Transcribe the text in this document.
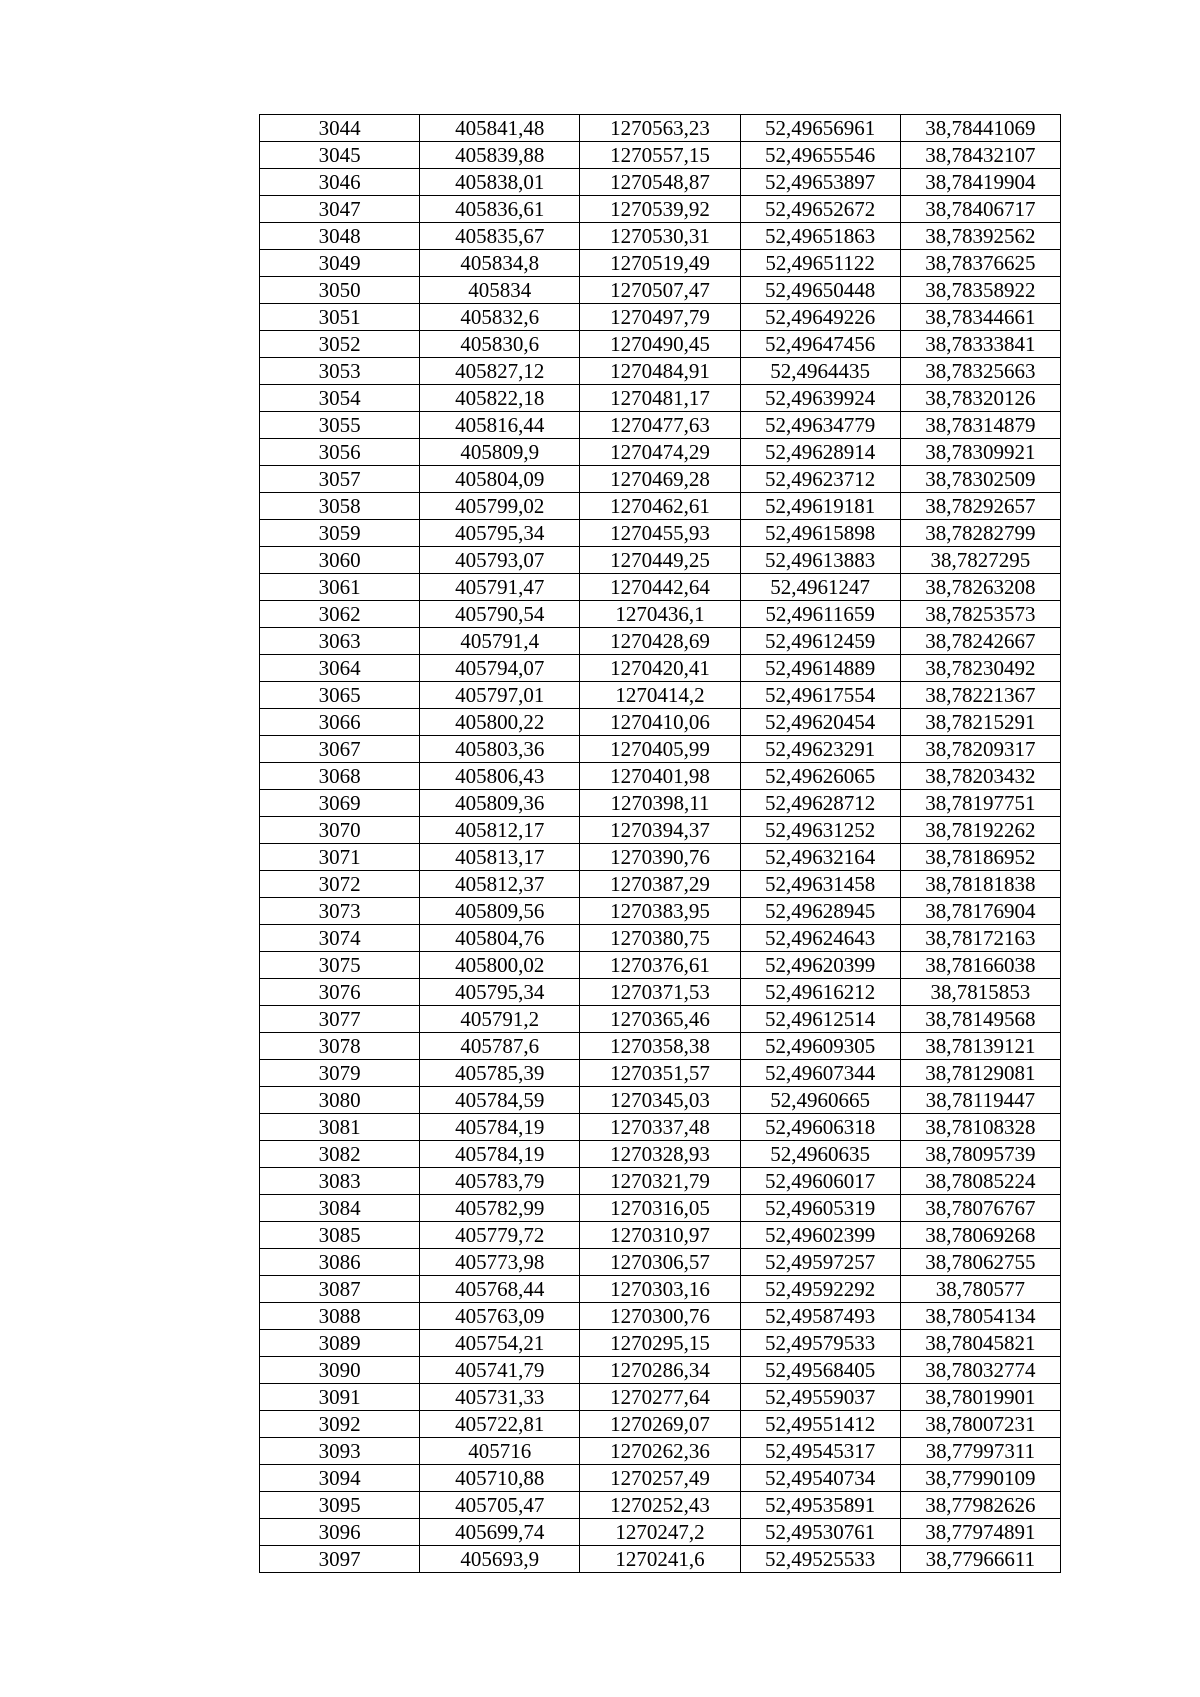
3044	405841,48	1270563,23	52,49656961	38,78441069
3045	405839,88	1270557,15	52,49655546	38,78432107
3046	405838,01	1270548,87	52,49653897	38,78419904
3047	405836,61	1270539,92	52,49652672	38,78406717
3048	405835,67	1270530,31	52,49651863	38,78392562
3049	405834,8	1270519,49	52,49651122	38,78376625
3050	405834	1270507,47	52,49650448	38,78358922
3051	405832,6	1270497,79	52,49649226	38,78344661
3052	405830,6	1270490,45	52,49647456	38,78333841
3053	405827,12	1270484,91	52,4964435	38,78325663
3054	405822,18	1270481,17	52,49639924	38,78320126
3055	405816,44	1270477,63	52,49634779	38,78314879
3056	405809,9	1270474,29	52,49628914	38,78309921
3057	405804,09	1270469,28	52,49623712	38,78302509
3058	405799,02	1270462,61	52,49619181	38,78292657
3059	405795,34	1270455,93	52,49615898	38,78282799
3060	405793,07	1270449,25	52,49613883	38,7827295
3061	405791,47	1270442,64	52,4961247	38,78263208
3062	405790,54	1270436,1	52,49611659	38,78253573
3063	405791,4	1270428,69	52,49612459	38,78242667
3064	405794,07	1270420,41	52,49614889	38,78230492
3065	405797,01	1270414,2	52,49617554	38,78221367
3066	405800,22	1270410,06	52,49620454	38,78215291
3067	405803,36	1270405,99	52,49623291	38,78209317
3068	405806,43	1270401,98	52,49626065	38,78203432
3069	405809,36	1270398,11	52,49628712	38,78197751
3070	405812,17	1270394,37	52,49631252	38,78192262
3071	405813,17	1270390,76	52,49632164	38,78186952
3072	405812,37	1270387,29	52,49631458	38,78181838
3073	405809,56	1270383,95	52,49628945	38,78176904
3074	405804,76	1270380,75	52,49624643	38,78172163
3075	405800,02	1270376,61	52,49620399	38,78166038
3076	405795,34	1270371,53	52,49616212	38,7815853
3077	405791,2	1270365,46	52,49612514	38,78149568
3078	405787,6	1270358,38	52,49609305	38,78139121
3079	405785,39	1270351,57	52,49607344	38,78129081
3080	405784,59	1270345,03	52,4960665	38,78119447
3081	405784,19	1270337,48	52,49606318	38,78108328
3082	405784,19	1270328,93	52,4960635	38,78095739
3083	405783,79	1270321,79	52,49606017	38,78085224
3084	405782,99	1270316,05	52,49605319	38,78076767
3085	405779,72	1270310,97	52,49602399	38,78069268
3086	405773,98	1270306,57	52,49597257	38,78062755
3087	405768,44	1270303,16	52,49592292	38,780577
3088	405763,09	1270300,76	52,49587493	38,78054134
3089	405754,21	1270295,15	52,49579533	38,78045821
3090	405741,79	1270286,34	52,49568405	38,78032774
3091	405731,33	1270277,64	52,49559037	38,78019901
3092	405722,81	1270269,07	52,49551412	38,78007231
3093	405716	1270262,36	52,49545317	38,77997311
3094	405710,88	1270257,49	52,49540734	38,77990109
3095	405705,47	1270252,43	52,49535891	38,77982626
3096	405699,74	1270247,2	52,49530761	38,77974891
3097	405693,9	1270241,6	52,49525533	38,77966611
